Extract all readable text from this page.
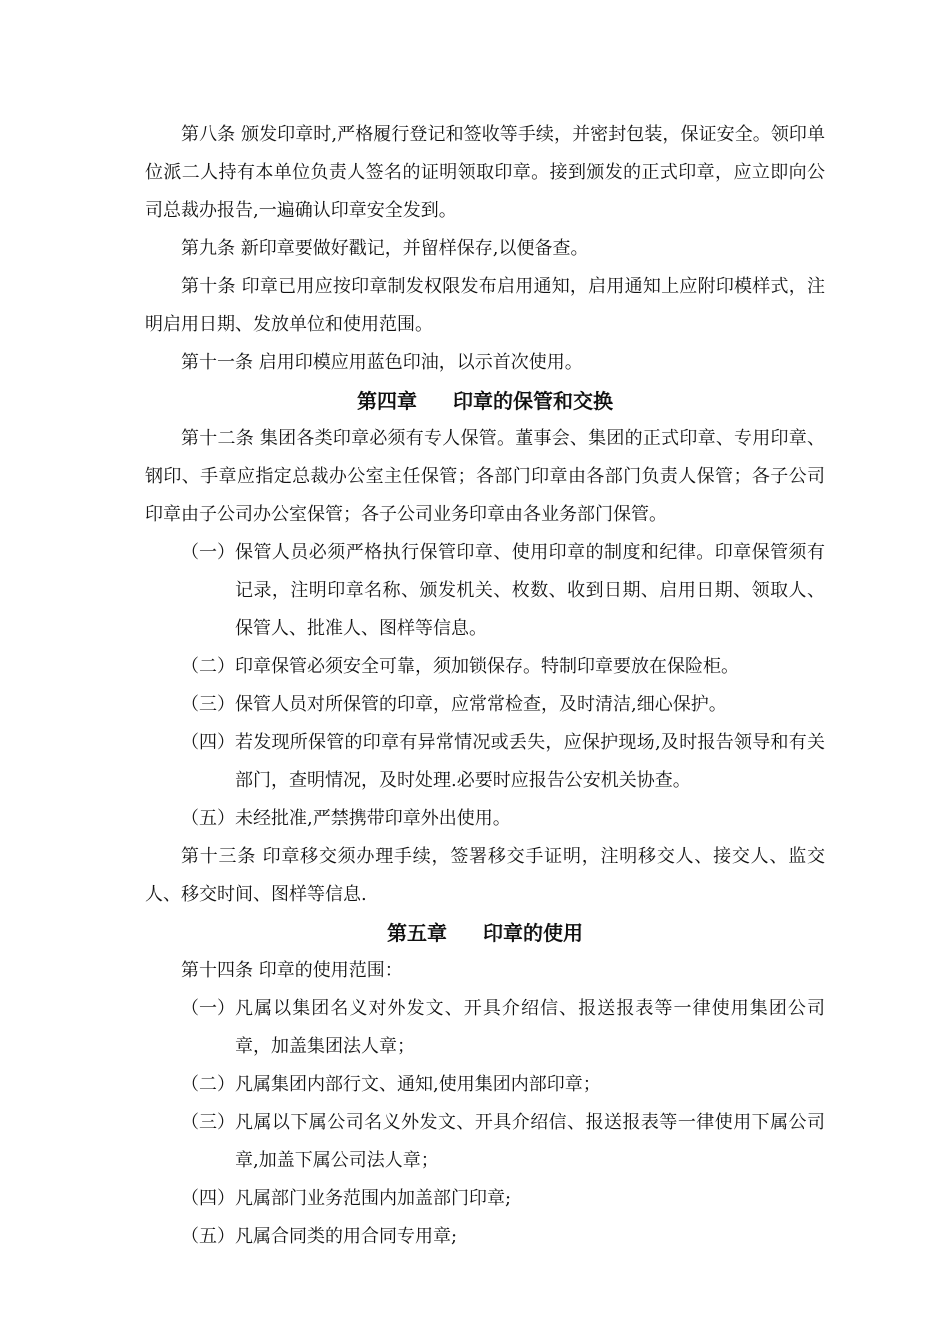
第八条 颁发印章时,严格履行登记和签收等手续，并密封包装，保证安全。领印单位派二人持有本单位负责人签名的证明领取印章。接到颁发的正式印章，应立即向公司总裁办报告,一遍确认印章安全发到。

第九条 新印章要做好戳记，并留样保存,以便备查。

第十条 印章已用应按印章制发权限发布启用通知，启用通知上应附印模样式，注明启用日期、发放单位和使用范围。

第十一条 启用印模应用蓝色印油，以示首次使用。

第四章 印章的保管和交换

第十二条 集团各类印章必须有专人保管。董事会、集团的正式印章、专用印章、钢印、手章应指定总裁办公室主任保管；各部门印章由各部门负责人保管；各子公司印章由子公司办公室保管；各子公司业务印章由各业务部门保管。

（一） 保管人员必须严格执行保管印章、使用印章的制度和纪律。印章保管须有记录，注明印章名称、颁发机关、枚数、收到日期、启用日期、领取人、保管人、批准人、图样等信息。

（二） 印章保管必须安全可靠，须加锁保存。特制印章要放在保险柜。

（三） 保管人员对所保管的印章，应常常检查，及时清洁,细心保护。

（四） 若发现所保管的印章有异常情况或丢失，应保护现场,及时报告领导和有关部门，查明情况，及时处理.必要时应报告公安机关协查。

（五） 未经批准,严禁携带印章外出使用。

第十三条 印章移交须办理手续，签署移交手证明，注明移交人、接交人、监交人、移交时间、图样等信息.

第五章 印章的使用

第十四条 印章的使用范围：

（一） 凡属以集团名义对外发文、开具介绍信、报送报表等一律使用集团公司章，加盖集团法人章；

（二） 凡属集团内部行文、通知,使用集团内部印章；

（三） 凡属以下属公司名义外发文、开具介绍信、报送报表等一律使用下属公司章,加盖下属公司法人章；

（四） 凡属部门业务范围内加盖部门印章;

（五） 凡属合同类的用合同专用章;
